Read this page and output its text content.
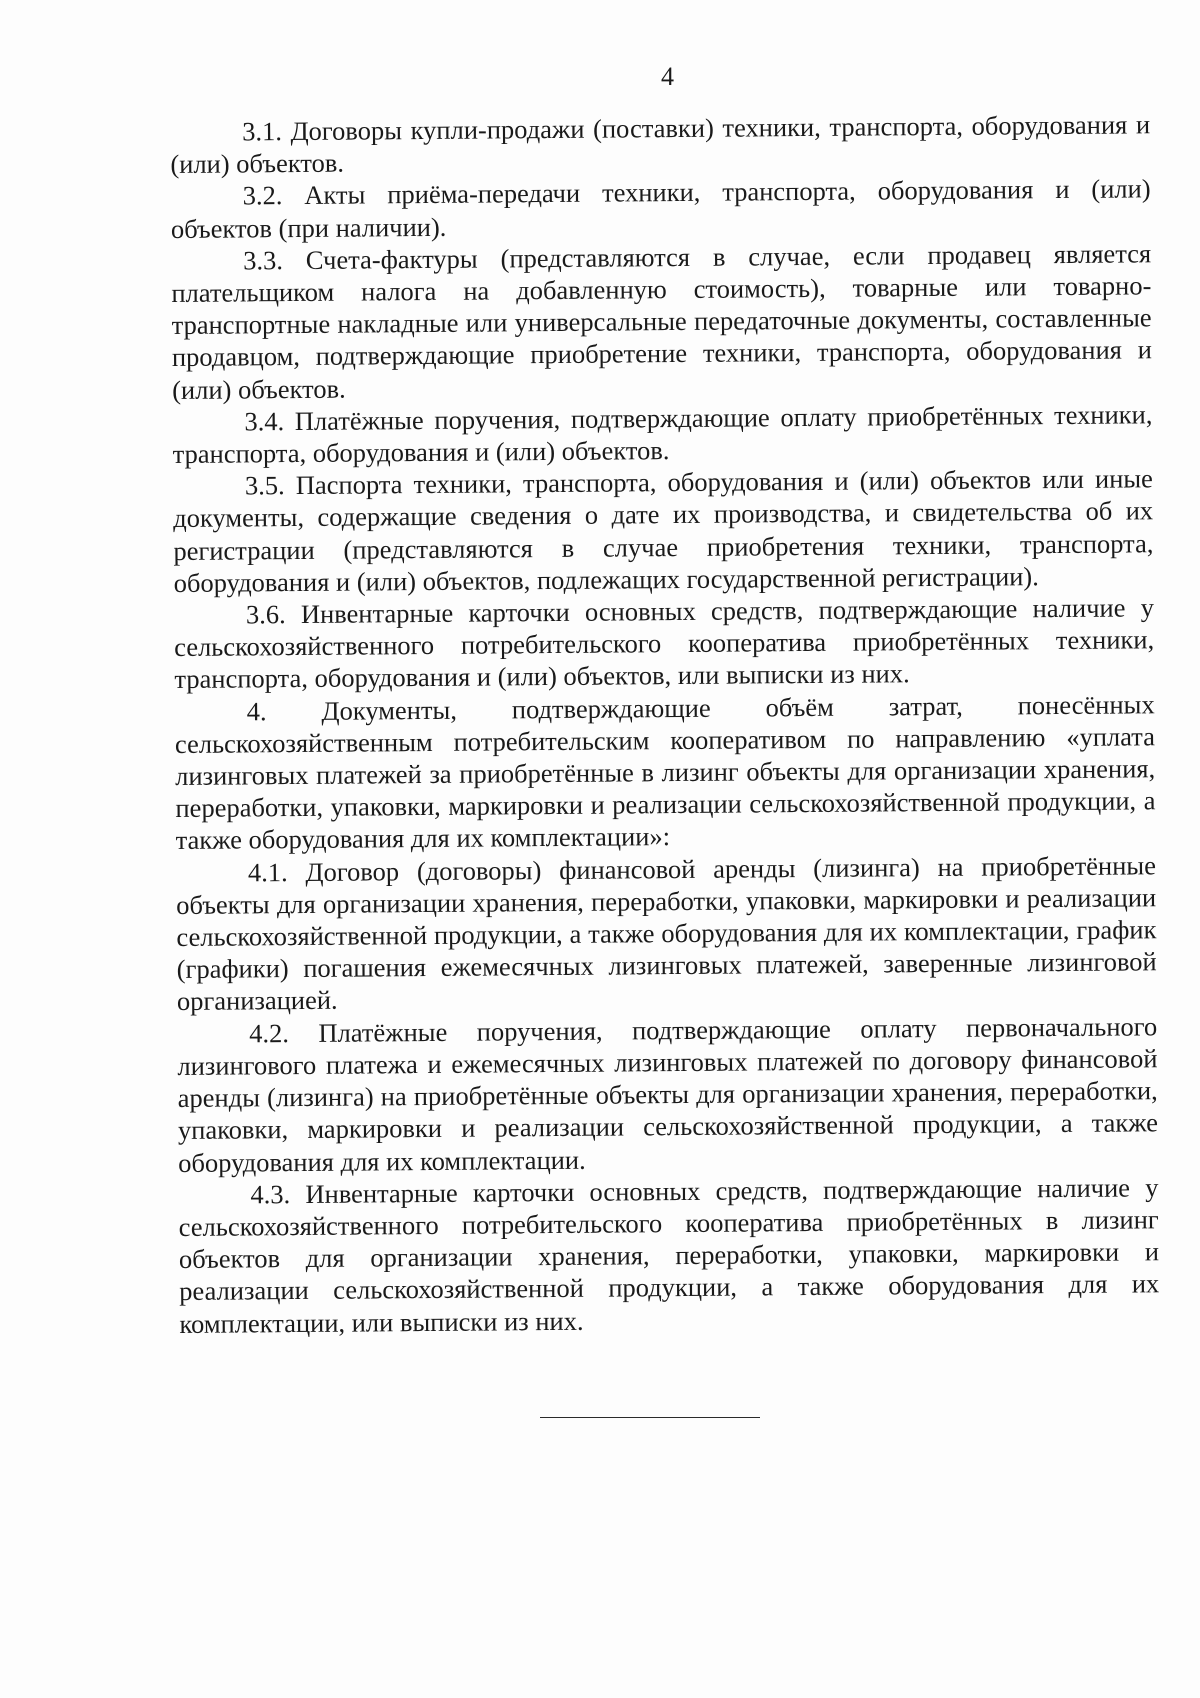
4

3.1. Договоры купли-продажи (поставки) техники, транспорта, оборудования и (или) объектов.

3.2. Акты приёма-передачи техники, транспорта, оборудования и (или) объектов (при наличии).

3.3. Счета-фактуры (представляются в случае, если продавец является плательщиком налога на добавленную стоимость), товарные или товарно-транспортные накладные или универсальные передаточные документы, составленные продавцом, подтверждающие приобретение техники, транспорта, оборудования и (или) объектов.

3.4. Платёжные поручения, подтверждающие оплату приобретённых техники, транспорта, оборудования и (или) объектов.

3.5. Паспорта техники, транспорта, оборудования и (или) объектов или иные документы, содержащие сведения о дате их производства, и свидетельства об их регистрации (представляются в случае приобретения техники, транспорта, оборудования и (или) объектов, подлежащих государственной регистрации).

3.6. Инвентарные карточки основных средств, подтверждающие наличие у сельскохозяйственного потребительского кооператива приобретённых техники, транспорта, оборудования и (или) объектов, или выписки из них.

4. Документы, подтверждающие объём затрат, понесённых сельскохозяйственным потребительским кооперативом по направлению «уплата лизинговых платежей за приобретённые в лизинг объекты для организации хранения, переработки, упаковки, маркировки и реализации сельскохозяйственной продукции, а также оборудования для их комплектации»:

4.1. Договор (договоры) финансовой аренды (лизинга) на приобретённые объекты для организации хранения, переработки, упаковки, маркировки и реализации сельскохозяйственной продукции, а также оборудования для их комплектации, график (графики) погашения ежемесячных лизинговых платежей, заверенные лизинговой организацией.

4.2. Платёжные поручения, подтверждающие оплату первоначального лизингового платежа и ежемесячных лизинговых платежей по договору финансовой аренды (лизинга) на приобретённые объекты для организации хранения, переработки, упаковки, маркировки и реализации сельскохозяйственной продукции, а также оборудования для их комплектации.

4.3. Инвентарные карточки основных средств, подтверждающие наличие у сельскохозяйственного потребительского кооператива приобретённых в лизинг объектов для организации хранения, переработки, упаковки, маркировки и реализации сельскохозяйственной продукции, а также оборудования для их комплектации, или выписки из них.
